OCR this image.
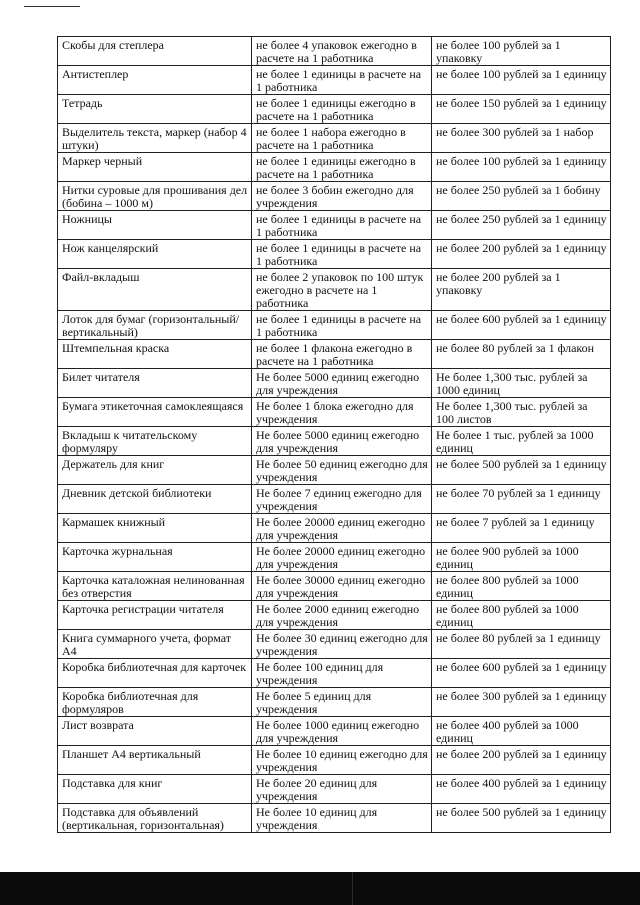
Скобы для степлера	не более 4 упаковок ежегодно в расчете на 1 работника	не более 100 рублей за 1 упаковку
Антистеплер	не более 1 единицы в расчете на 1 работника	не более 100 рублей за 1 единицу
Тетрадь	не более 1 единицы ежегодно в расчете на 1 работника	не более 150 рублей за 1 единицу
Выделитель текста, маркер (набор 4 штуки)	не более 1 набора ежегодно в расчете на 1 работника	не более 300 рублей за 1 набор
Маркер черный	не более 1 единицы ежегодно в расчете на 1 работника	не более 100 рублей за 1 единицу
Нитки суровые для прошивания дел (бобина – 1000 м)	не более 3 бобин ежегодно для учреждения	не более 250 рублей за 1 бобину
Ножницы	не более 1 единицы в расчете на 1 работника	не более 250 рублей за 1 единицу
Нож канцелярский	не более 1 единицы в расчете на 1 работника	не более 200 рублей за 1 единицу
Файл-вкладыш	не более 2 упаковок по 100 штук ежегодно в расчете на 1 работника	не более 200 рублей за 1 упаковку
Лоток для бумаг (горизонтальный/вертикальный)	не более 1 единицы в расчете на 1 работника	не более 600 рублей за 1 единицу
Штемпельная краска	не более 1 флакона ежегодно в расчете на 1 работника	не более 80 рублей за 1 флакон
Билет читателя	Не более 5000 единиц ежегодно для учреждения	Не более 1,300 тыс. рублей за 1000 единиц
Бумага этикеточная самоклеящаяся	Не более 1 блока ежегодно для учреждения	Не более 1,300 тыс. рублей за 100 листов
Вкладыш к читательскому формуляру	Не более 5000 единиц ежегодно для учреждения	Не более 1 тыс. рублей за 1000 единиц
Держатель для книг	Не более 50 единиц ежегодно для учреждения	не более 500 рублей за 1 единицу
Дневник детской библиотеки	Не более 7 единиц ежегодно для учреждения	не более 70 рублей за 1 единицу
Кармашек книжный	Не более 20000 единиц ежегодно для учреждения	не более 7 рублей за 1 единицу
Карточка журнальная	Не более 20000 единиц ежегодно для учреждения	не более 900 рублей за 1000 единиц
Карточка каталожная нелинованная без отверстия	Не более 30000 единиц ежегодно для учреждения	не более 800 рублей за 1000 единиц
Карточка регистрации читателя	Не более 2000 единиц ежегодно для учреждения	не более 800 рублей за 1000 единиц
Книга суммарного учета, формат А4	Не более 30 единиц ежегодно для учреждения	не более 80 рублей за 1 единицу
Коробка библиотечная для карточек	Не более 100 единиц для учреждения	не более 600 рублей за 1 единицу
Коробка библиотечная для формуляров	Не более 5 единиц для учреждения	не более 300 рублей за 1 единицу
Лист возврата	Не более 1000 единиц ежегодно для учреждения	не более 400 рублей за 1000 единиц
Планшет А4 вертикальный	Не более 10 единиц ежегодно для учреждения	не более 200 рублей за 1 единицу
Подставка для книг	Не более 20 единиц для учреждения	не более 400 рублей за 1 единицу
Подставка для объявлений (вертикальная, горизонтальная)	Не более 10 единиц для учреждения	не более 500 рублей за 1 единицу
